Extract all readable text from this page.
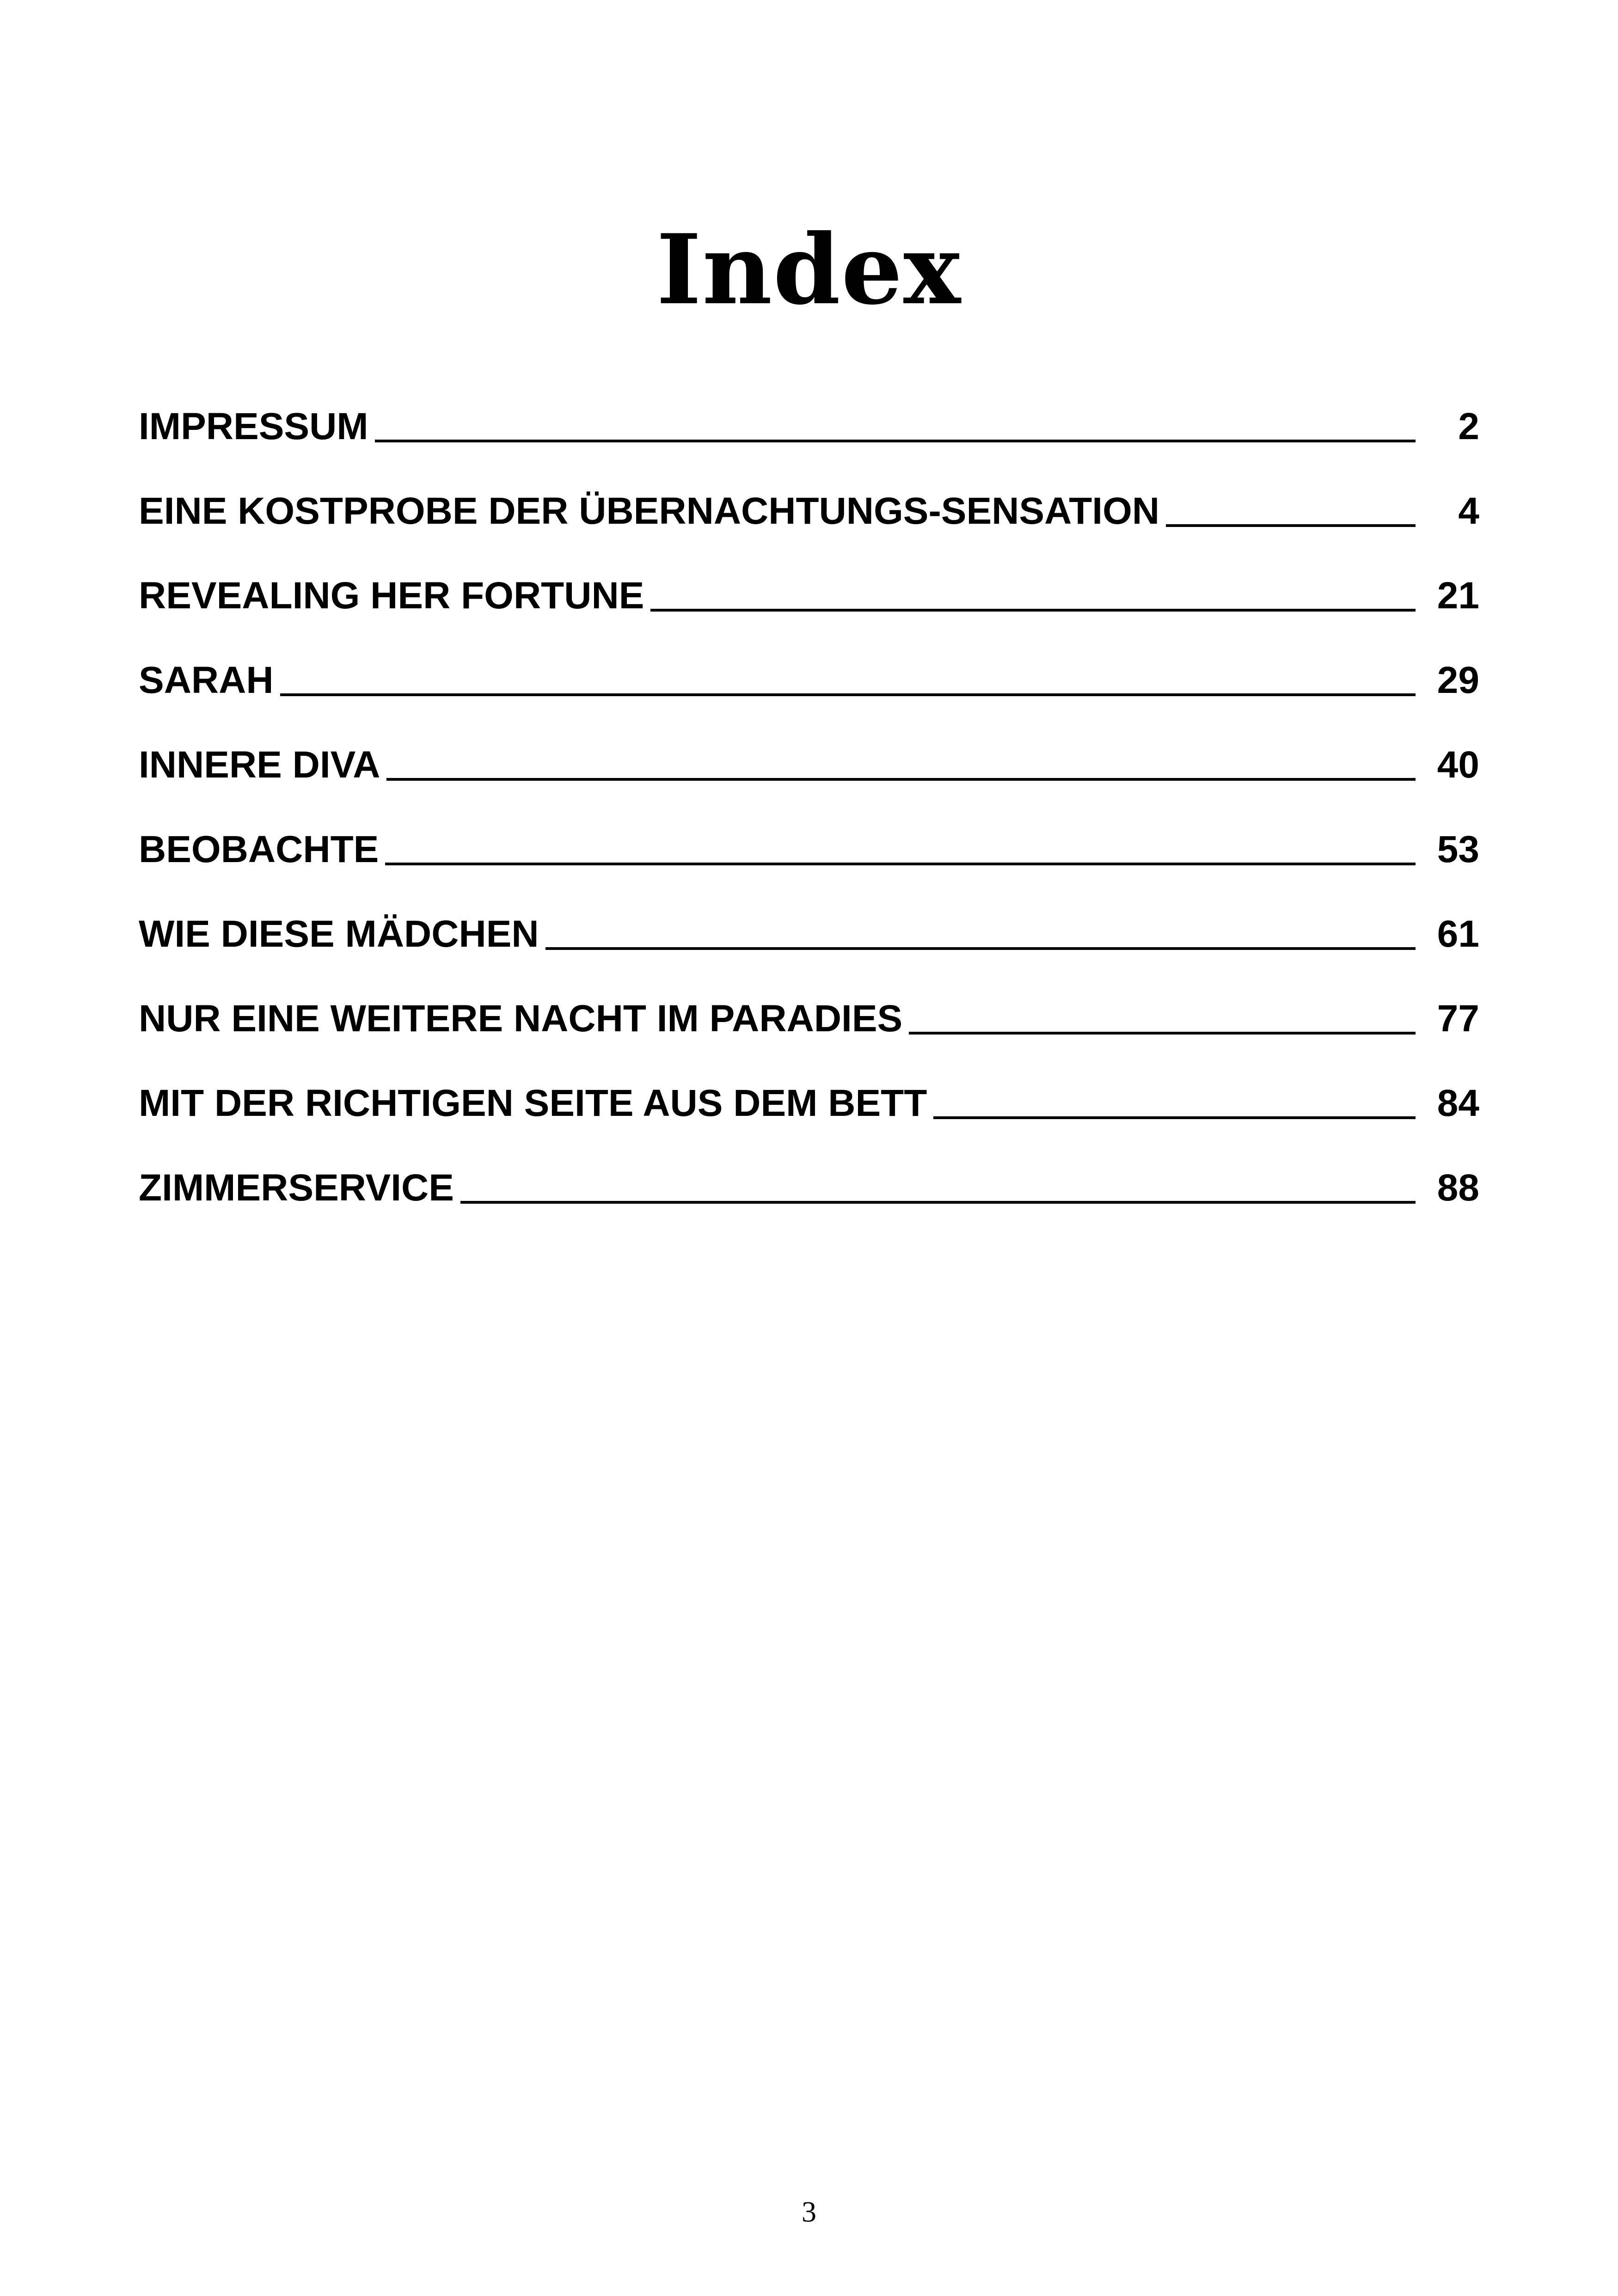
Index
IMPRESSUM	2
EINE KOSTPROBE DER ÜBERNACHTUNGS-SENSATION	4
REVEALING HER FORTUNE	21
SARAH	29
INNERE DIVA	40
BEOBACHTE	53
WIE DIESE MÄDCHEN	61
NUR EINE WEITERE NACHT IM PARADIES	77
MIT DER RICHTIGEN SEITE AUS DEM BETT	84
ZIMMERSERVICE	88
3
